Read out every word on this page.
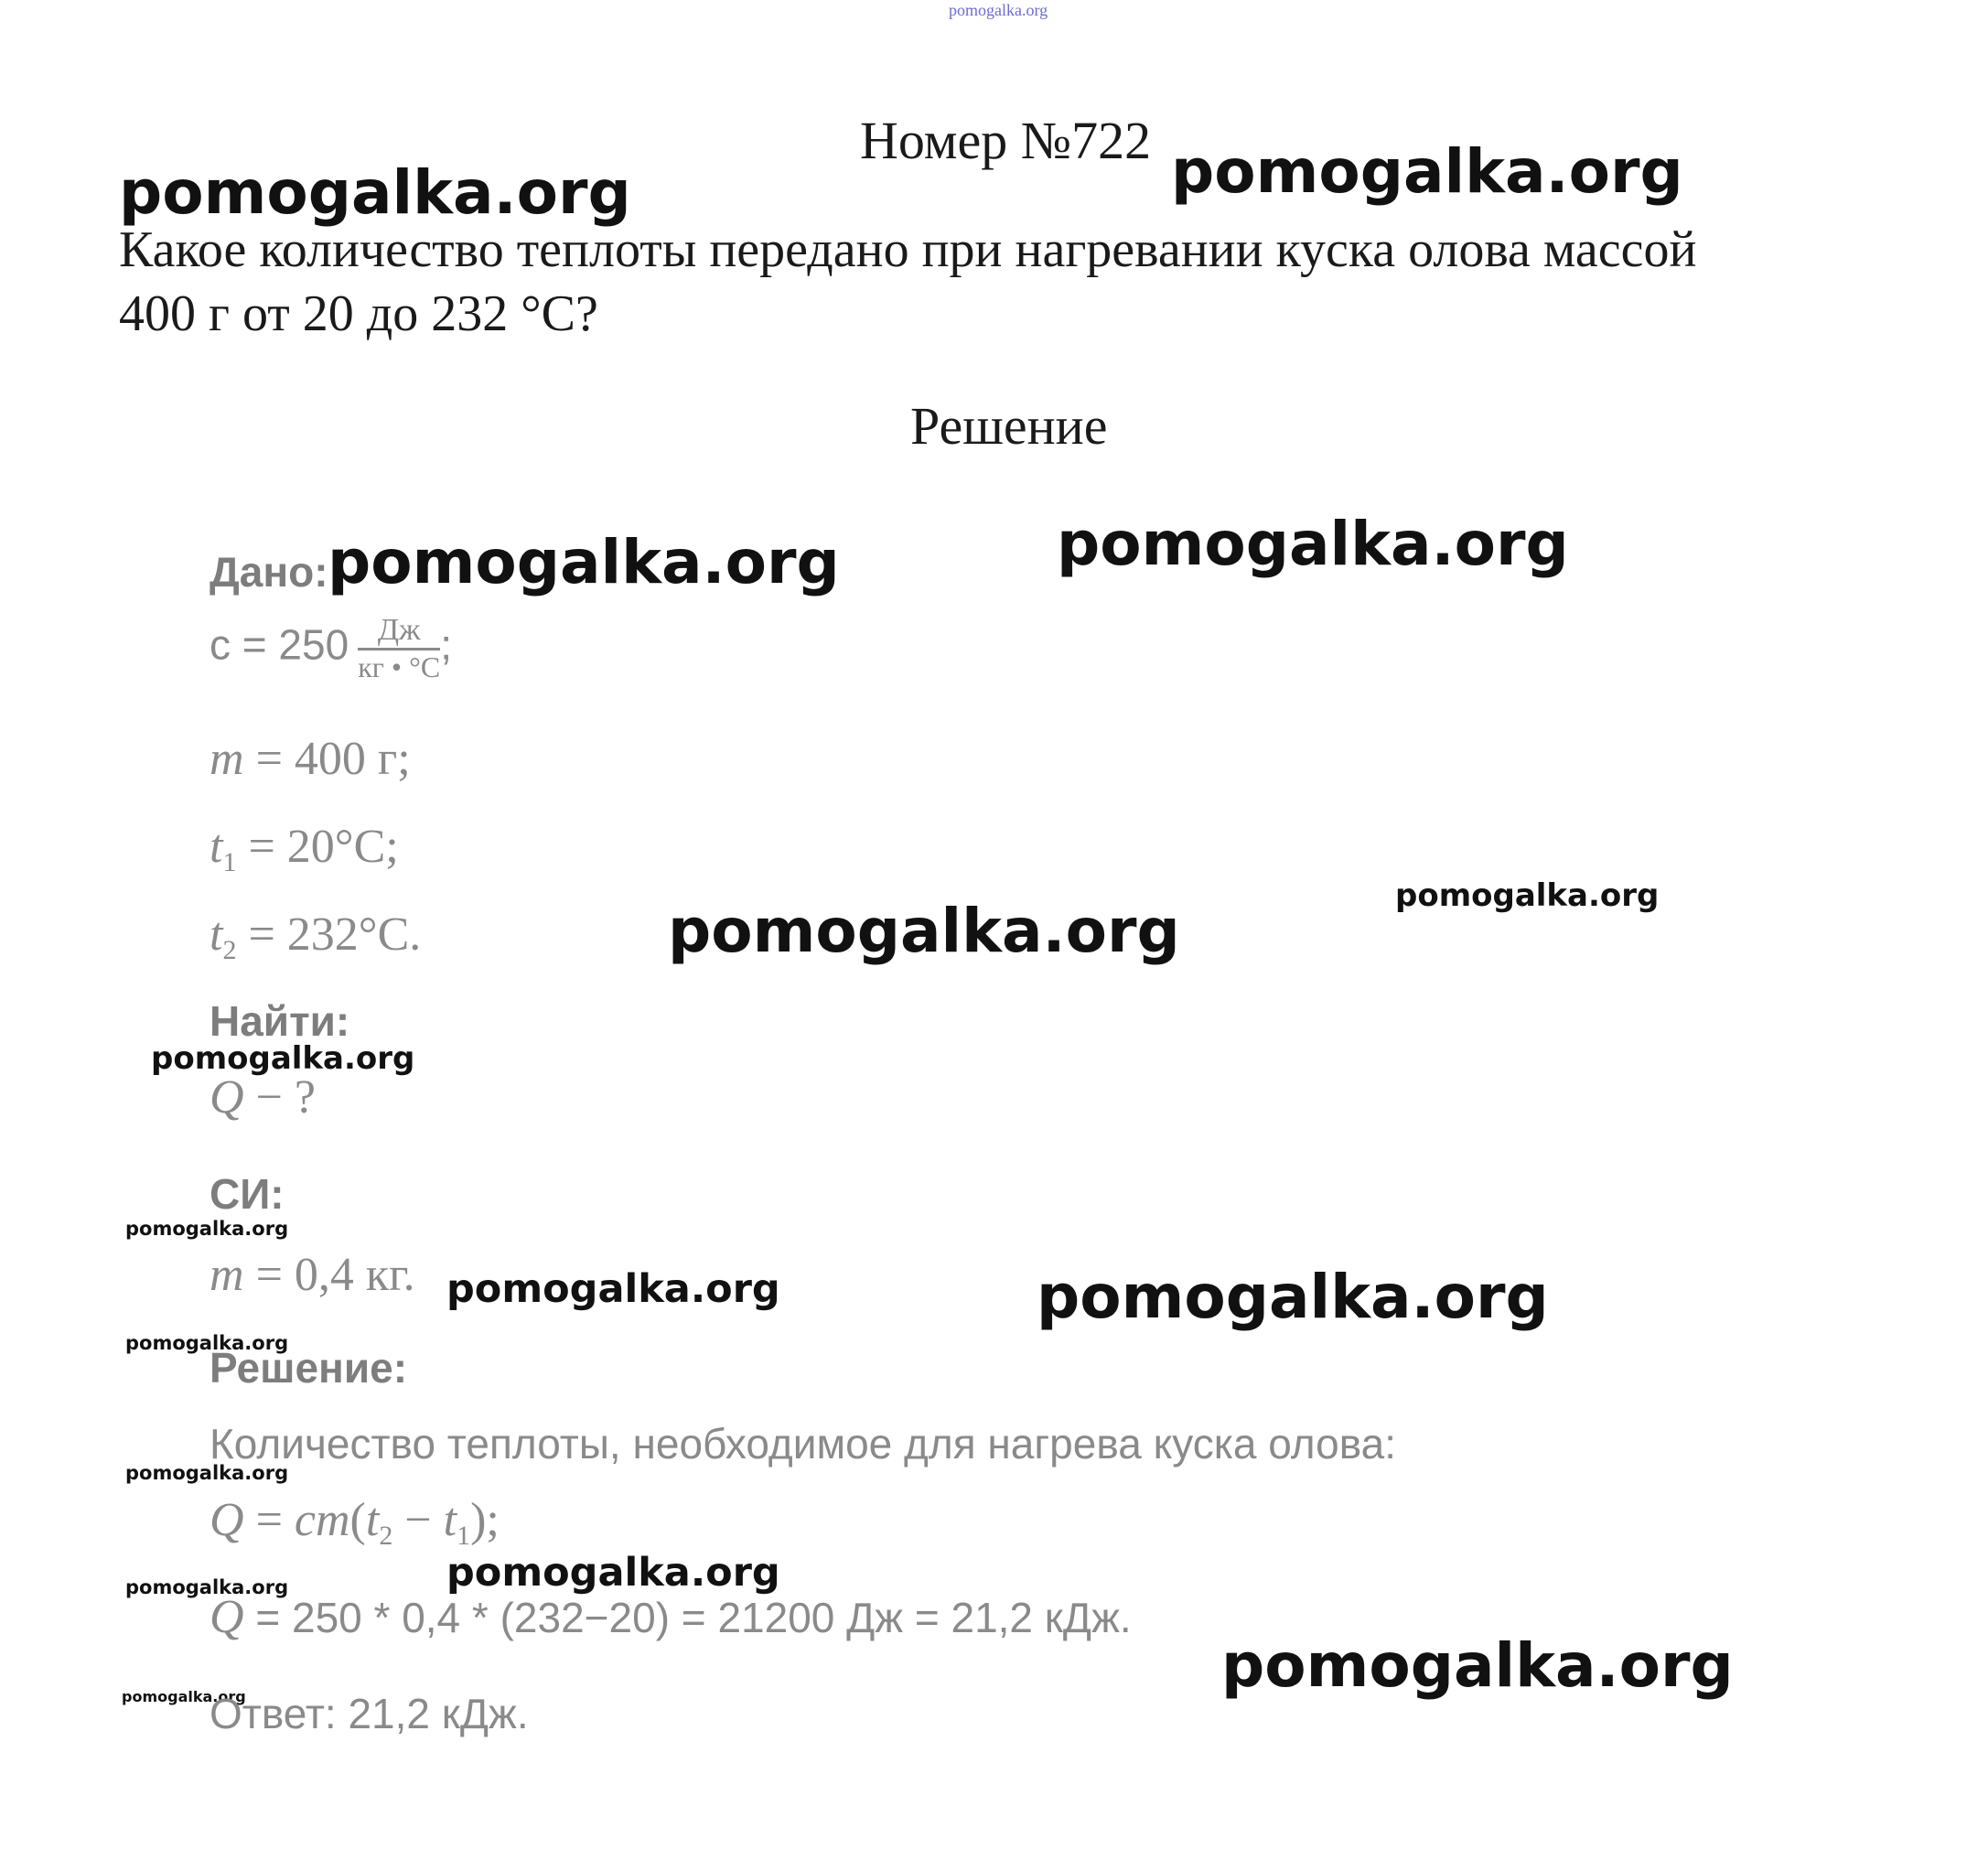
pomogalka.org
pomogalka.org	pomogalka.org
pomogalka.org	pomogalka.org
pomogalka.org
pomogalka.org
pomogalka.org
pomogalka.org
pomogalka.org	pomogalka.org
pomogalka.org
pomogalka.org
pomogalka.org
pomogalka.org
pomogalka.org
pomogalka.org
Номер №722
Какое количество теплоты передано при нагревании куска олова массой 400 г от 20 до 232 °С?
Решение
Дано:
$c = 250 \frac{Дж}{кг • ^\circ С}$ ;
m = 400 г;
$t_1 = 20^\circ С$;
$t_2 = 232^\circ С$.
Найти:
Q − ?
СИ:
m = 0,4 кг.
Решение:
Количество теплоты, необходимое для нагрева куска олова:
$Q = cm(t_2 - t_1)$;
Q = 250 * 0,4 * (232−20) = 21200 Дж = 21,2 кДж.
Ответ: 21,2 кДж.
